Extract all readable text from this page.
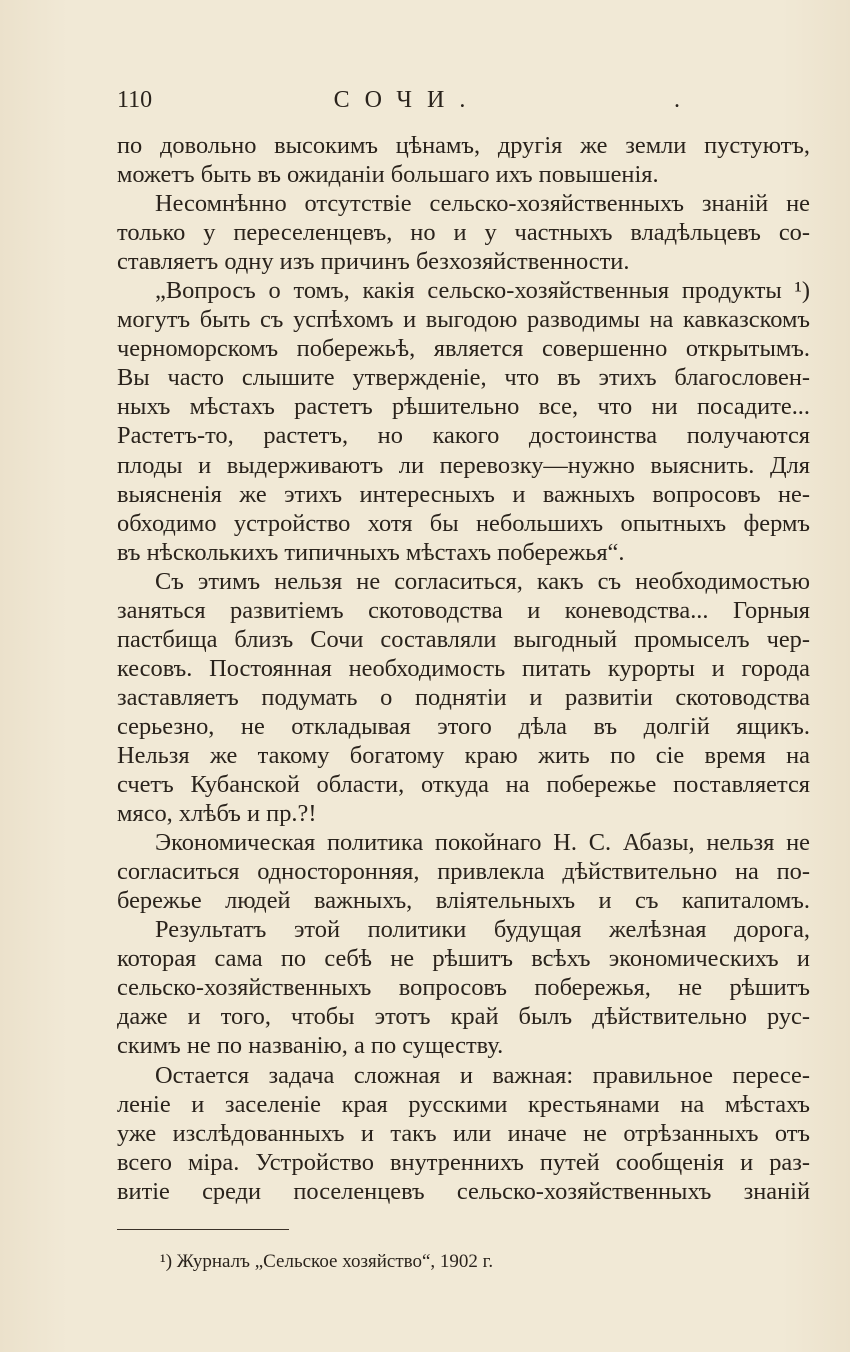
110	СОЧИ.	.
по довольно высокимъ цѣнамъ, другія же земли пустуютъ,
можетъ быть въ ожиданіи большаго ихъ повышенія.
Несомнѣнно отсутствіе сельско-хозяйственныхъ знаній не
только у переселенцевъ, но и у частныхъ владѣльцевъ со-
ставляетъ одну изъ причинъ безхозяйственности.
„Вопросъ о томъ, какія сельско-хозяйственныя продукты ¹)
могутъ быть съ успѣхомъ и выгодою разводимы на кавказскомъ
черноморскомъ побережьѣ, является совершенно открытымъ.
Вы часто слышите утвержденіе, что въ этихъ благословен-
ныхъ мѣстахъ растетъ рѣшительно все, что ни посадите...
Растетъ-то, растетъ, но какого достоинства получаются
плоды и выдерживаютъ ли перевозку—нужно выяснить. Для
выясненія же этихъ интересныхъ и важныхъ вопросовъ не-
обходимо устройство хотя бы небольшихъ опытныхъ фермъ
въ нѣсколькихъ типичныхъ мѣстахъ побережья“.
Съ этимъ нельзя не согласиться, какъ съ необходимостью
заняться развитіемъ скотоводства и коневодства... Горныя
пастбища близъ Сочи составляли выгодный промыселъ чер-
кесовъ. Постоянная необходимость питать курорты и города
заставляетъ подумать о поднятіи и развитіи скотоводства
серьезно, не откладывая этого дѣла въ долгій ящикъ.
Нельзя же такому богатому краю жить по сіе время на
счетъ Кубанской области, откуда на побережье поставляется
мясо, хлѣбъ и пр.?!
Экономическая политика покойнаго Н. С. Абазы, нельзя не
согласиться односторонняя, привлекла дѣйствительно на по-
бережье людей важныхъ, вліятельныхъ и съ капиталомъ.
Результатъ этой политики будущая желѣзная дорога,
которая сама по себѣ не рѣшитъ всѣхъ экономическихъ и
сельско-хозяйственныхъ вопросовъ побережья, не рѣшитъ
даже и того, чтобы этотъ край былъ дѣйствительно рус-
скимъ не по названію, а по существу.
Остается задача сложная и важная: правильное пересе-
леніе и заселеніе края русскими крестьянами на мѣстахъ
уже изслѣдованныхъ и такъ или иначе не отрѣзанныхъ отъ
всего міра. Устройство внутреннихъ путей сообщенія и раз-
витіе среди поселенцевъ сельско-хозяйственныхъ знаній
¹) Журналъ „Сельское хозяйство“, 1902 г.
